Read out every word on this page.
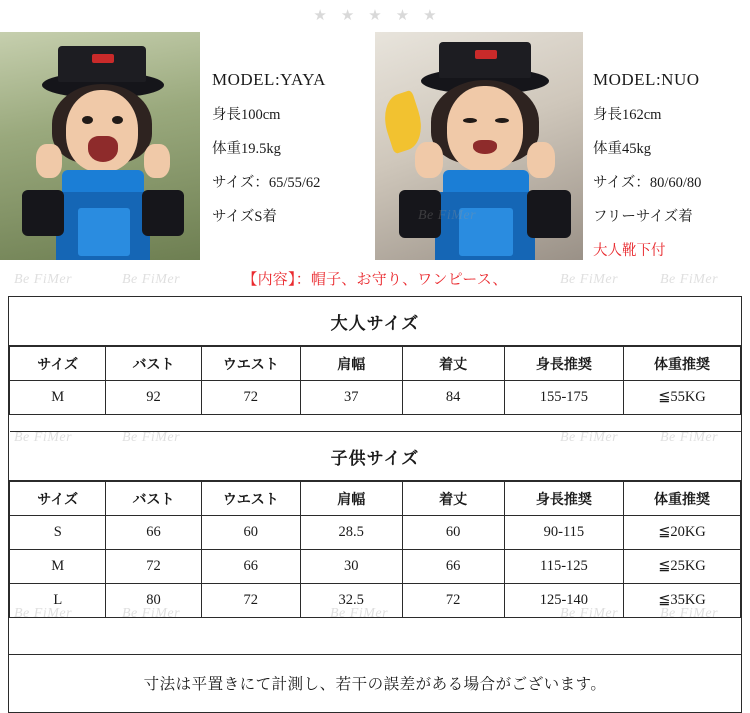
★ ★ ★ ★ ★
MODEL:YAYA
身長100cm
体重19.5kg
サイズ：65/55/62
サイズS着
MODEL:NUO
身長162cm
体重45kg
サイズ：80/60/80
フリーサイズ着
大人靴下付
【内容】：帽子、お守り、ワンピース、
大人サイズ
サイズ	バスト	ウエスト	肩幅	着丈	身長推奨	体重推奨
M	92	72	37	84	155-175	≦55KG

子供サイズ
サイズ	バスト	ウエスト	肩幅	着丈	身長推奨	体重推奨
S	66	60	28.5	60	90-115	≦20KG
M	72	66	30	66	115-125	≦25KG
L	80	72	32.5	72	125-140	≦35KG
寸法は平置きにて計測し、若干の誤差がある場合がございます。
Be FiMer	Be FiMer
Be FiMer
Be FiMer	Be FiMer
Be FiMer	Be FiMer	Be FiMer	Be FiMer
Be FiMer	Be FiMer	Be FiMer	Be FiMer	Be FiMer
